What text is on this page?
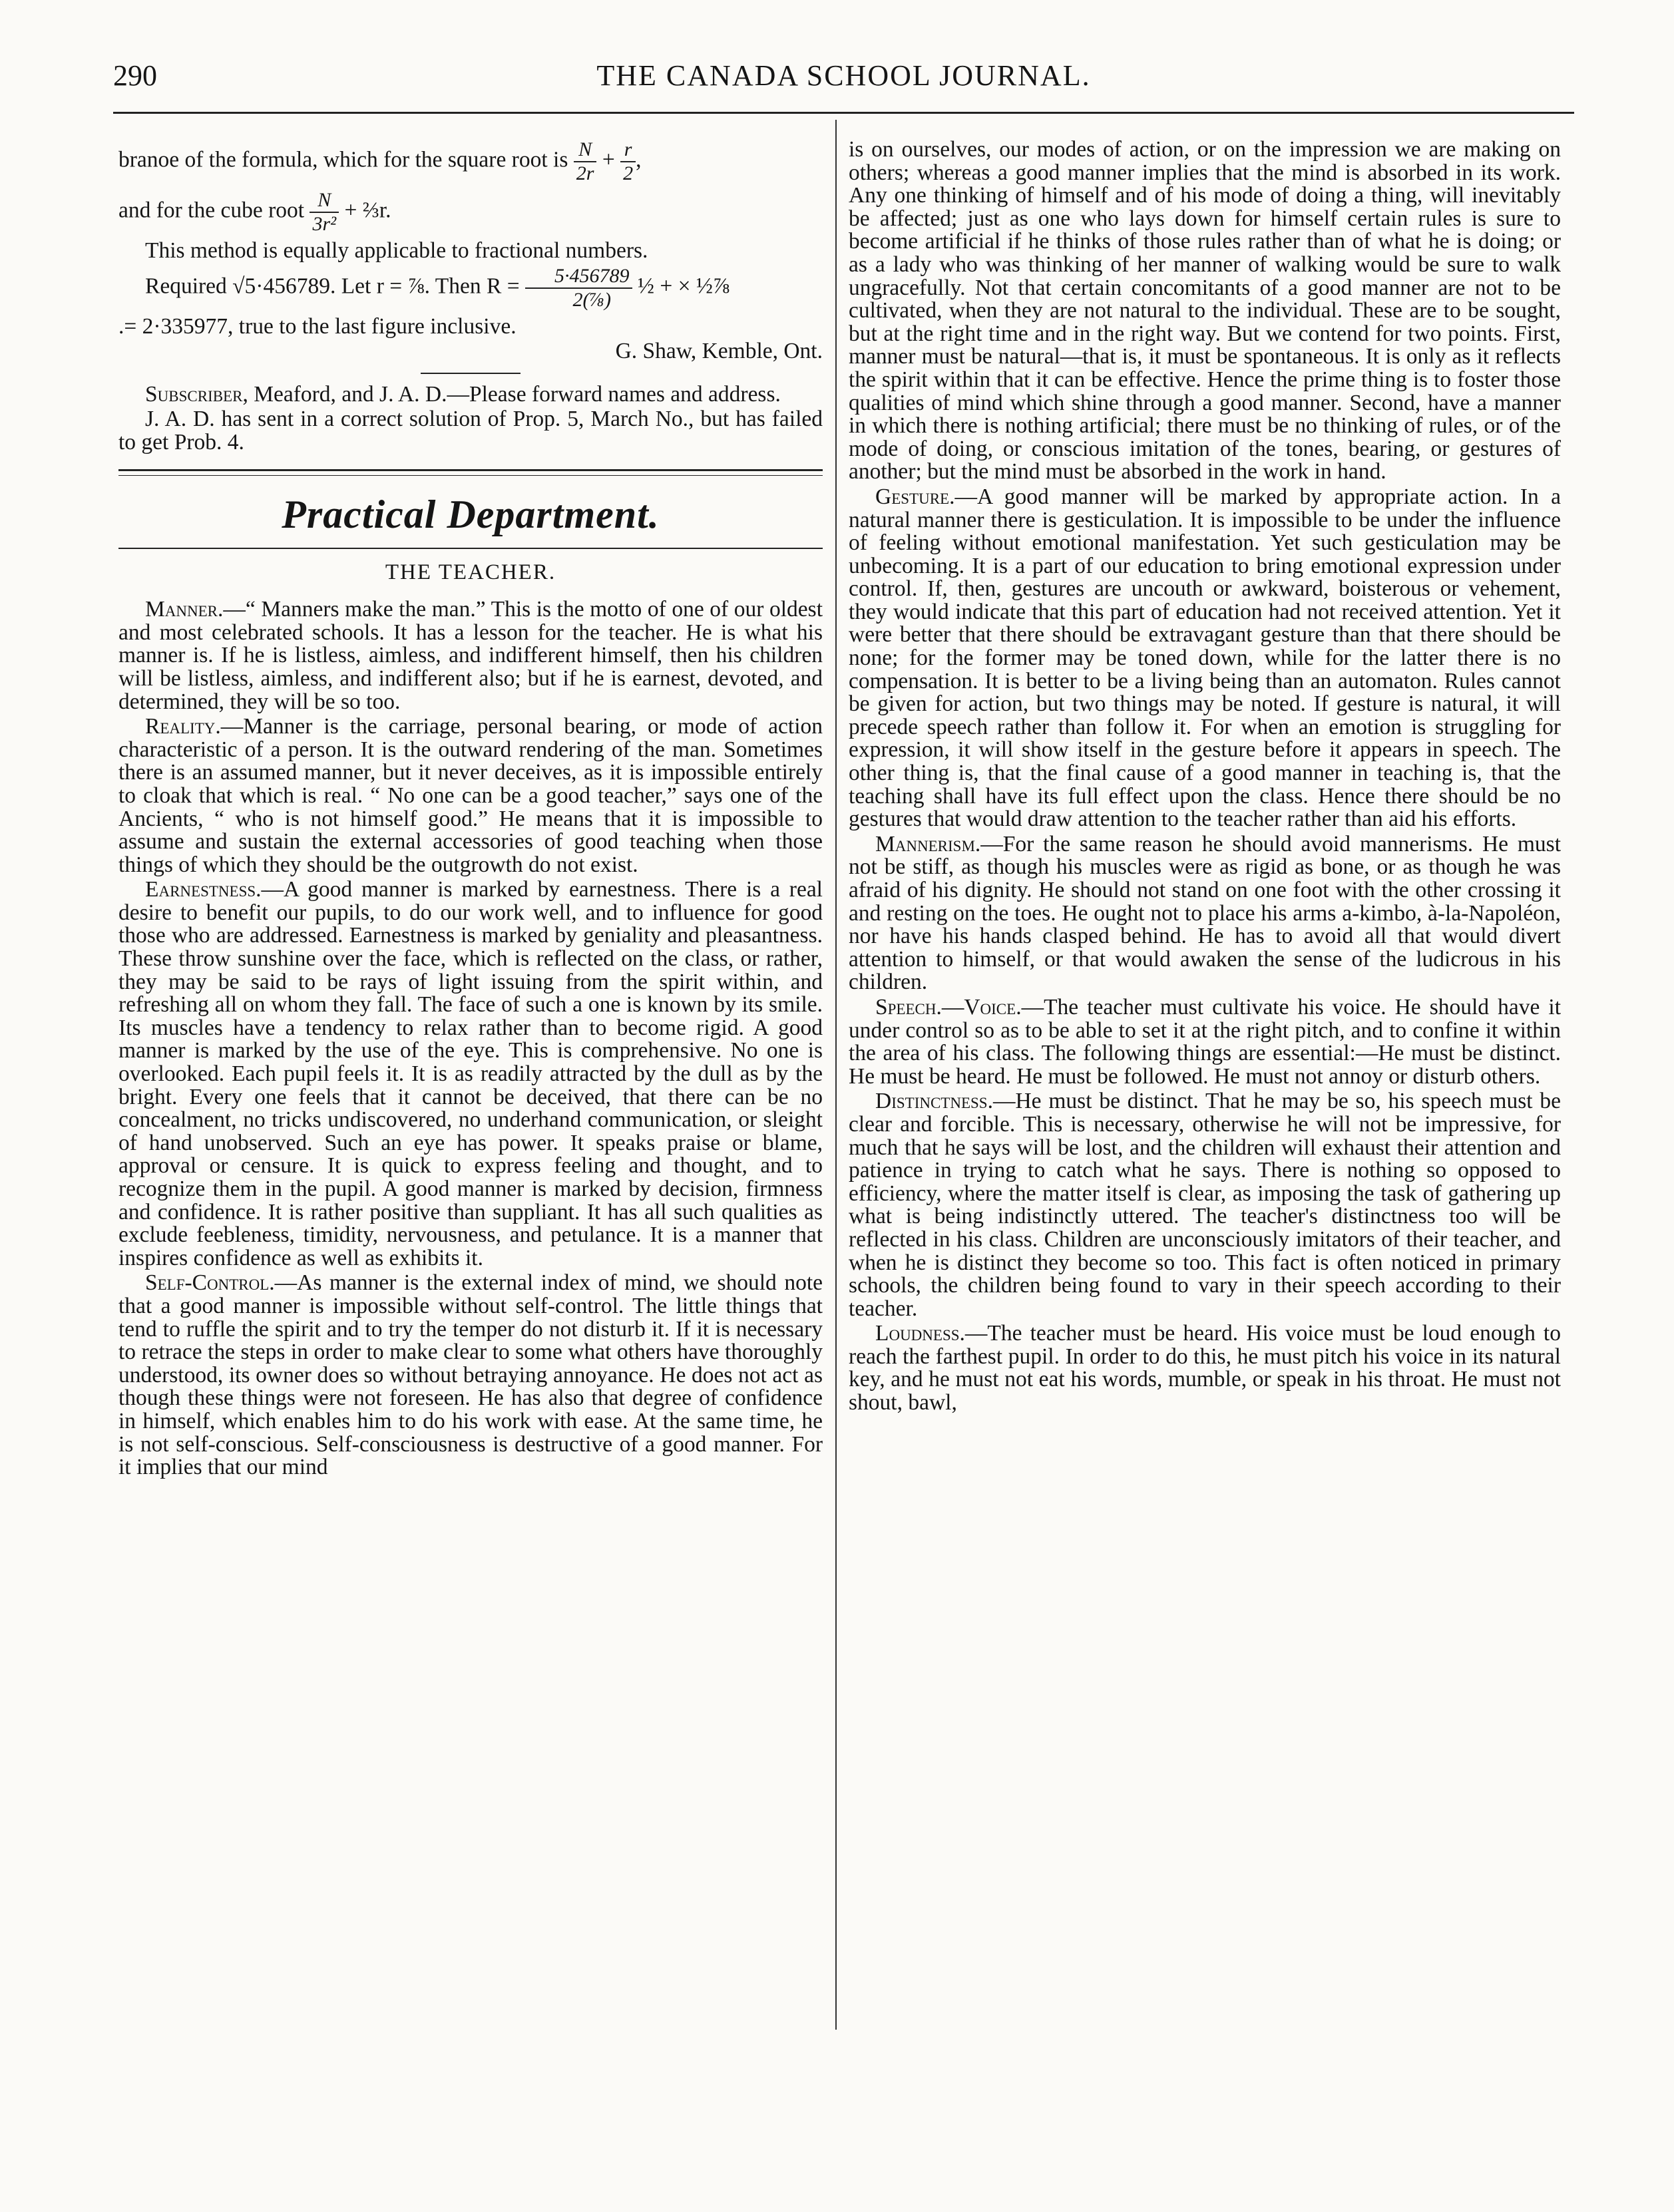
290	THE CANADA SCHOOL JOURNAL.

branoe of the formula, which for the square root is $\frac{N}{2r} + \frac{r}{2}$ ,

and for the cube root $\frac{N}{\text{3r²}}$ + ⅔r.

This method is equally applicable to fractional numbers.

Required √5·456789. Let r = ⅞. Then $R = \frac{5\cdot 456789}{\text{2(⅞)}}$ ½ + × ½⅞

.= 2·335977, true to the last figure inclusive.

G. Shaw, Kemble, Ont.

Subscriber, Meaford, and J. A. D.—Please forward names and address.

J. A. D. has sent in a correct solution of Prop. 5, March No., but has failed to get Prob. 4.

Practical Department.
THE TEACHER.

Manner.—“ Manners make the man.” This is the motto of one of our oldest and most celebrated schools. It has a lesson for the teacher. He is what his manner is. If he is listless, aimless, and indifferent himself, then his children will be listless, aimless, and indifferent also; but if he is earnest, devoted, and determined, they will be so too.

Reality.—Manner is the carriage, personal bearing, or mode of action characteristic of a person. It is the outward rendering of the man. Sometimes there is an assumed manner, but it never deceives, as it is impossible entirely to cloak that which is real. “ No one can be a good teacher,” says one of the Ancients, “ who is not himself good.” He means that it is impossible to assume and sustain the external accessories of good teaching when those things of which they should be the outgrowth do not exist.

Earnestness.—A good manner is marked by earnestness. There is a real desire to benefit our pupils, to do our work well, and to influence for good those who are addressed. Earnestness is marked by geniality and pleasantness. These throw sunshine over the face, which is reflected on the class, or rather, they may be said to be rays of light issuing from the spirit within, and refreshing all on whom they fall. The face of such a one is known by its smile. Its muscles have a tendency to relax rather than to become rigid. A good manner is marked by the use of the eye. This is comprehensive. No one is overlooked. Each pupil feels it. It is as readily attracted by the dull as by the bright. Every one feels that it cannot be deceived, that there can be no concealment, no tricks undiscovered, no underhand communication, or sleight of hand unobserved. Such an eye has power. It speaks praise or blame, approval or censure. It is quick to express feeling and thought, and to recognize them in the pupil. A good manner is marked by decision, firmness and confidence. It is rather positive than suppliant. It has all such qualities as exclude feebleness, timidity, nervousness, and petulance. It is a manner that inspires confidence as well as exhibits it.

Self-Control.—As manner is the external index of mind, we should note that a good manner is impossible without self-control. The little things that tend to ruffle the spirit and to try the temper do not disturb it. If it is necessary to retrace the steps in order to make clear to some what others have thoroughly understood, its owner does so without betraying annoyance. He does not act as though these things were not foreseen. He has also that degree of confidence in himself, which enables him to do his work with ease. At the same time, he is not self-conscious. Self-consciousness is destructive of a good manner. For it implies that our mind

is on ourselves, our modes of action, or on the impression we are making on others; whereas a good manner implies that the mind is absorbed in its work. Any one thinking of himself and of his mode of doing a thing, will inevitably be affected; just as one who lays down for himself certain rules is sure to become artificial if he thinks of those rules rather than of what he is doing; or as a lady who was thinking of her manner of walking would be sure to walk ungracefully. Not that certain concomitants of a good manner are not to be cultivated, when they are not natural to the individual. These are to be sought, but at the right time and in the right way. But we contend for two points. First, manner must be natural—that is, it must be spontaneous. It is only as it reflects the spirit within that it can be effective. Hence the prime thing is to foster those qualities of mind which shine through a good manner. Second, have a manner in which there is nothing artificial; there must be no thinking of rules, or of the mode of doing, or conscious imitation of the tones, bearing, or gestures of another; but the mind must be absorbed in the work in hand.

Gesture.—A good manner will be marked by appropriate action. In a natural manner there is gesticulation. It is impossible to be under the influence of feeling without emotional manifestation. Yet such gesticulation may be unbecoming. It is a part of our education to bring emotional expression under control. If, then, gestures are uncouth or awkward, boisterous or vehement, they would indicate that this part of education had not received attention. Yet it were better that there should be extravagant gesture than that there should be none; for the former may be toned down, while for the latter there is no compensation. It is better to be a living being than an automaton. Rules cannot be given for action, but two things may be noted. If gesture is natural, it will precede speech rather than follow it. For when an emotion is struggling for expression, it will show itself in the gesture before it appears in speech. The other thing is, that the final cause of a good manner in teaching is, that the teaching shall have its full effect upon the class. Hence there should be no gestures that would draw attention to the teacher rather than aid his efforts.

Mannerism.—For the same reason he should avoid mannerisms. He must not be stiff, as though his muscles were as rigid as bone, or as though he was afraid of his dignity. He should not stand on one foot with the other crossing it and resting on the toes. He ought not to place his arms a-kimbo, à-la-Napoléon, nor have his hands clasped behind. He has to avoid all that would divert attention to himself, or that would awaken the sense of the ludicrous in his children.

Speech.—Voice.—The teacher must cultivate his voice. He should have it under control so as to be able to set it at the right pitch, and to confine it within the area of his class. The following things are essential:—He must be distinct. He must be heard. He must be followed. He must not annoy or disturb others.

Distinctness.—He must be distinct. That he may be so, his speech must be clear and forcible. This is necessary, otherwise he will not be impressive, for much that he says will be lost, and the children will exhaust their attention and patience in trying to catch what he says. There is nothing so opposed to efficiency, where the matter itself is clear, as imposing the task of gathering up what is being indistinctly uttered. The teacher's distinctness too will be reflected in his class. Children are unconsciously imitators of their teacher, and when he is distinct they become so too. This fact is often noticed in primary schools, the children being found to vary in their speech according to their teacher.

Loudness.—The teacher must be heard. His voice must be loud enough to reach the farthest pupil. In order to do this, he must pitch his voice in its natural key, and he must not eat his words, mumble, or speak in his throat. He must not shout, bawl,
